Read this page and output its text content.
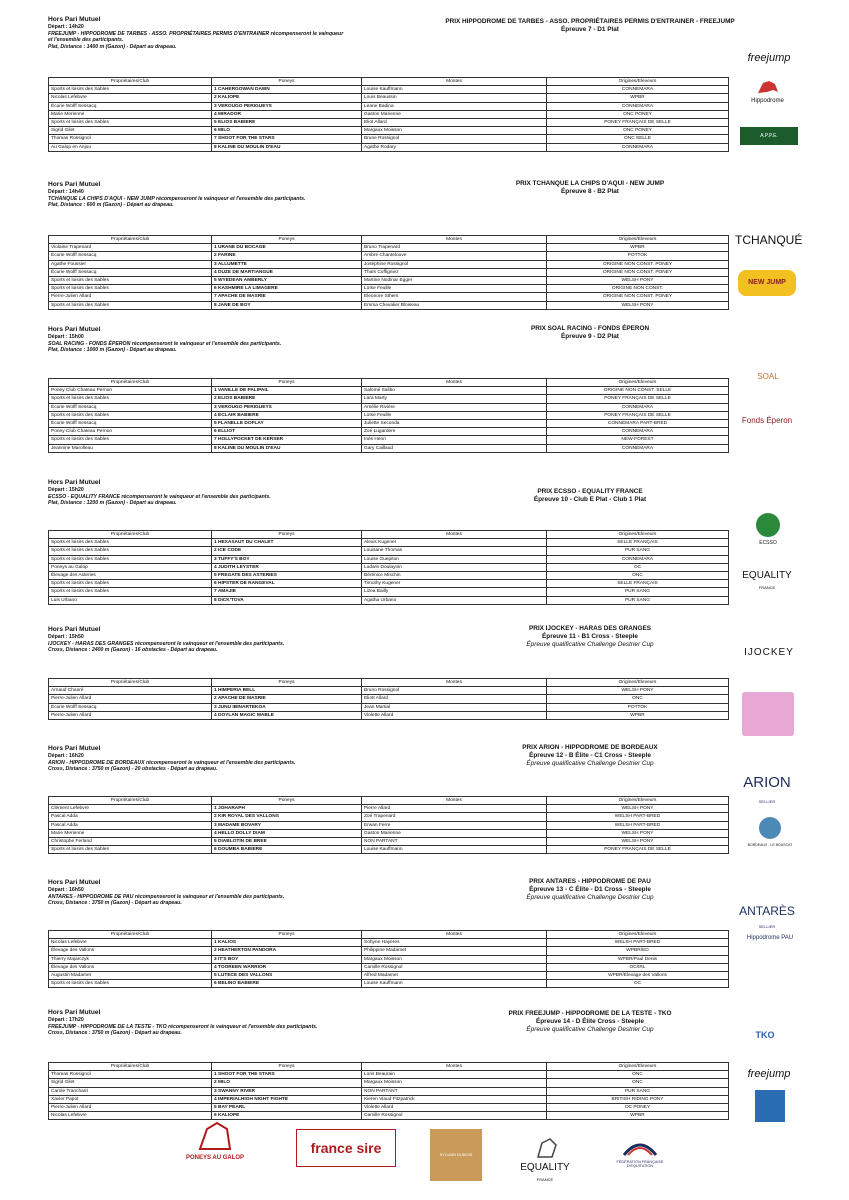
Hors Pari Mutuel
Départ : 14h20
FREEJUMP - HIPPODROME DE TARBES - ASSO. PROPRIÉTAIRES PERMIS D'ENTRAINER récompenseront le vainqueur et l'ensemble des participants.
Plat, Distance : 1400 m (Gazon) - Départ au drapeau.
PRIX HIPPODROME DE TARBES - ASSO. PROPRIÉTAIRES PERMIS D'ENTRAINER - FREEJUMP
Épreuve 7 - D1 Plat
Propriétaires/Club	Poneys	Montes	Origines/Eleveurs
Sports et loisirs des Sables	1 CAHERGOWAN DAWN	Louise Kauffmann	CONNEMARA
Nicolas Lefebvre	2 KALIOPE	Louis Beaussin	WPBR
Écurie Wolff Sessacq	3 VEROUGO PERIGUEYS	Leane Badina	CONNEMARA
Marie Merienne	4 MIRADOR	Gaston Marienne	ONC PONEY
Sports et loisirs des Sables	5 ELIOS BABIERE	Eliot Allard	PONEY FRANÇAIS DE SELLE
Sigrid Gilet	6 MILO	Margaux Moisson	ONC PONEY
Thomas Rossignol	7 SHOOT FOR THE STARS	Brune Rossignol	ONC SELLE
Au Galop en Anjou	8 KALINE DU MOULIN D'EAU	Agathe Rodary	CONNEMARA
Hors Pari Mutuel
Départ : 14h40
TCHANQUE LA CHIPS D'AQUI - NEW JUMP récompenseront le vainqueur et l'ensemble des participants.
Plat, Distance : 600 m (Gazon) - Départ au drapeau.
PRIX TCHANQUE LA CHIPS D'AQUI - NEW JUMP
Épreuve 8 - B2 Plat
Propriétaires/Club	Poneys	Montes	Origines/Eleveurs
Violaine Trapenard	1 URANE DU BOCAGE	Bruno Trapenard	WPBR
Écurie Wolff Sessacq	2 FARINE	Ambre Chantelouve	POTTOK
Agathe Foussier	3 ALLUMETTE	Joséphine Rossignol	ORIGINE NON CONST. PONEY
Écurie Wolff Sessacq	4 DUZE DE MARTIANGUE	Thaïs Coffigniez	ORIGINE NON CONST. PONEY
Sports et loisirs des Sables	5 WYEDEAN AMBERLY	Martine Nodinar Egger	WELSH PONY
Sports et loisirs des Sables	6 KASHMIRE LA LIMAGERE	Loïse Feuille	ORIGINE NON CONST.
Pierre-Julien Allard	7 APACHE DE MASRIE	Eleonore Sthers	ORIGINE NON CONST. PONEY
Sports et loisirs des Sables	8 JANE DE BOY	Emma Chevalier Bloiseau	WELSH PONY
Hors Pari Mutuel
Départ : 15h00
SOAL RACING - FONDS ÉPERON récompenseront le vainqueur et l'ensemble des participants.
Plat, Distance : 1000 m (Gazon) - Départ au drapeau.
PRIX SOAL RACING - FONDS ÉPERON
Épreuve 9 - D2 Plat
Propriétaires/Club	Poneys	Montes	Origines/Eleveurs
Poney Club Chateau Pernon	1 VANILLE DE PALIPAIL	Salomé Salibo	ORIGINE NON CONST. SELLE
Sports et loisirs des Sables	2 ELIOS BABIERE	Lara Marty	PONEY FRANÇAIS DE SELLE
Écurie Wolff Sessacq	3 VEROUGO PERIGUEYS	Amélie Rivière	CONNEMARA
Sports et loisirs des Sables	4 ECLAIR BABIERE	Loïse Feuille	PONEY FRANÇAIS DE SELLE
Écurie Wolff Sessacq	5 FLANELLE DOFLAY	Juliette Seconda	CONNEMARA PART-BRED
Poney Club Chateau Pernon	6 ELLIOT	Zoé Lugardere	CONNEMARA
Sports et loisirs des Sables	7 HOLLYPOCKET DE KERSER	Inès Henri	NEW-FOREST
Jeannine Marolleau	8 KALINE DU MOULIN D'EAU	Gary Caillaud	CONNEMARA
Hors Pari Mutuel
Départ : 15h20
ECSSO - EQUALITY FRANCE récompenseront le vainqueur et l'ensemble des participants.
Plat, Distance : 1200 m (Gazon) - Départ au drapeau.
PRIX ECSSO - EQUALITY FRANCE
Épreuve 10 - Club E Plat - Club 1 Plat
Propriétaires/Club	Poneys	Montes	Origines/Eleveurs
Sports et loisirs des Sables	1 HEXASAUT DU CHALET	Alexis Kugener	SELLE FRANÇAIS
Sports et loisirs des Sables	2 ICE CODE	Louisane Thomas	PUR SANG
Sports et loisirs des Sables	3 TUFFY'S BOY	Louise Guepiton	CONNEMARA
Poneys au Galop	4 JUDITH LEYSTER	Ludwin Doulaynin	OC
Élevage des Asteries	5 FREGATE DES ASTERIES	Bérénice Mischin	ONC
Sports et loisirs des Sables	6 HIPSTER DE RANGEVAL	Timothy Kugener	SELLE FRANÇAIS
Sports et loisirs des Sables	7 AMAJIE	Lizea Bailly	PUR SANG
Luis Urbano	8 DICK'TOVA	Agatha Urbano	PUR SANG
Hors Pari Mutuel
Départ : 15h50
IJOCKEY - HARAS DES GRANGES récompenseront le vainqueur et l'ensemble des participants.
Cross, Distance : 2400 m (Gazon) - 16 obstacles - Départ au drapeau.
PRIX IJOCKEY - HARAS DES GRANGES
Épreuve 11 - B1 Cross - Steeple
Épreuve qualificative Challenge Destrier Cup
Propriétaires/Club	Poneys	Montes	Origines/Eleveurs
Arnaud Chanré	1 HIMPERIA BELL	Bruno Rossignol	WELSH PONY
Pierre-Julien Allard	2 APACHE DE MASRIE	Eliott Allard	ONC
Écurie Wolff Sessacq	3 JUNU IBINARTEKOA	Jean Martial	POTTOK
Pierre-Julien Allard	4 DOYLAN MAGIC MABLE	Violette Allard	WPBR
Hors Pari Mutuel
Départ : 16h20
ARION - HIPPODROME DE BORDEAUX récompenseront le vainqueur et l'ensemble des participants.
Cross, Distance : 3750 m (Gazon) - 20 obstacles - Départ au drapeau.
PRIX ARION - HIPPODROME DE BORDEAUX
Épreuve 12 - B Élite - C1 Cross - Steeple
Épreuve qualificative Challenge Destrier Cup
Propriétaires/Club	Poneys	Montes	Origines/Eleveurs
Clément Lefebvre	1 JOHARAPH	Pierre Allard	WELSH PONY
Pascal Adda	2 KIR ROYAL DES VALLONS	Zoé Trapenard	WELSH PART-BRED
Pascal Adda	3 MADAME BOVARY	Erwan Ferre	WELSH PART-BRED
Marie Merienne	4 HELLO DOLLY DIAM	Gaston Marienne	WELSH PONY
Christophe Ferland	5 DIABLOTIN DE BREE	NON PARTANT	WELSH PONY
Sports et loisirs des Sables	6 DOUMBA BABIERE	Louise Kauffmann	PONEY FRANÇAIS DE SELLE
Hors Pari Mutuel
Départ : 16h50
ANTARES - HIPPODROME DE PAU récompenseront le vainqueur et l'ensemble des participants.
Cross, Distance : 3750 m (Gazon) - Départ au drapeau.
PRIX ANTARES - HIPPODROME DE PAU
Épreuve 13 - C Élite - D1 Cross - Steeple
Épreuve qualificative Challenge Destrier Cup
Propriétaires/Club	Poneys	Montes	Origines/Eleveurs
Nicolas Lefebvre	1 KALIOS	Sohyne Hayeres	WELSH PART-BRED
Élevage des Vallons	2 HEATHERTON PANDORA	Philippine Madamet	WPBR/ED
Thierry Majarczyk	3 IT'S BOY	Margaux Moisson	WPBR/Paul Denis
Élevage des Vallons	4 TOOREEN WARRIOR	Camille Rossignol	OC/IRL
Augustin Madamet	5 LUTECE DES VALLONS	Alfred Madamet	WPBR/Élevage des Vallons
Sports et loisirs des Sables	6 BELINO BABIERE	Louise Kauffmann	OC
Hors Pari Mutuel
Départ : 17h20
FREEJUMP - HIPPODROME DE LA TESTE - TKO récompenseront le vainqueur et l'ensemble des participants.
Cross, Distance : 3750 m (Gazon) - Départ au drapeau.
PRIX FREEJUMP - HIPPODROME DE LA TESTE - TKO
Épreuve 14 - D Élite Cross - Steeple
Épreuve qualificative Challenge Destrier Cup
Propriétaires/Club	Poneys	Montes	Origines/Eleveurs
Thomas Rossignol	1 SHOOT FOR THE STARS	Loris Beaurain	ONC
Sigrid Gilet	2 MILO	Margaux Moisson	ONC
Carole Tranchant	3 SWANNY RIVER	NON PARTANT	PUR SANG
Xavier Papot	4 IMPERIALHIGH NIGHT FIGHTE	Kieren Viaud Fitzpatrick	BRITISH RIDING PONY
Pierre-Julien Allard	5 BAY PEARL	Violette Allard	OC PONEY
Nicolas Lefebvre	6 KALIOPE	Camille Rossignol	WPBR
freejump
Hippodrome
A.P.P.E.
TCHANQUÉ
NEW JUMP
SOAL
Fonds Éperon
ECSSO
EQUALITY
FRANCE
IJOCKEY
ARION
SELLIER
BORDEAUX - LE BOUSCAT
ANTARÈS
SELLIER
Hippodrome PAU
TKO
freejump
PONEYS AU GALOP
france sire	SYLVAIN DUBOIS

EQUALITY
FRANCE
FÉDÉRATION FRANÇAISE D'ÉQUITATION
